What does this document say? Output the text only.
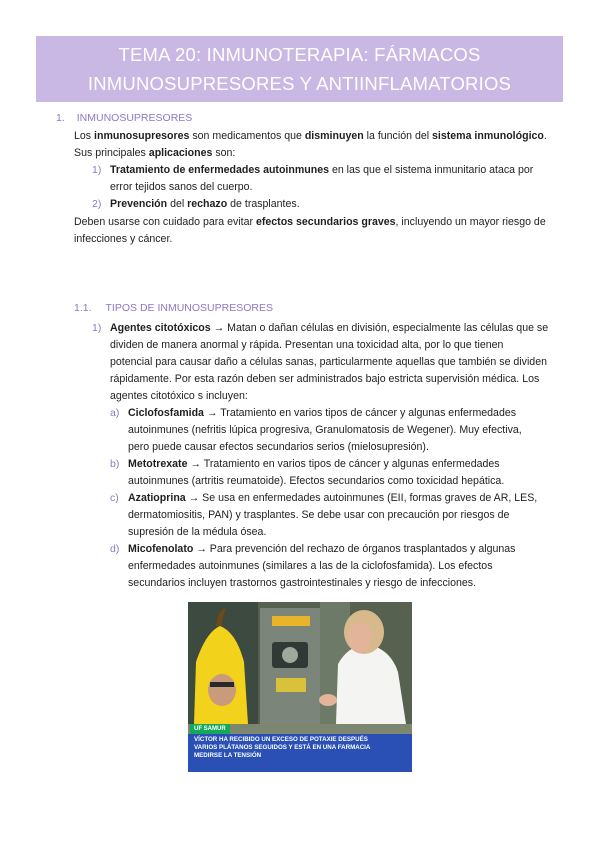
TEMA 20: INMUNOTERAPIA: FÁRMACOS
INMUNOSUPRESORES Y ANTIINFLAMATORIOS
1. INMUNOSUPRESORES
Los inmunosupresores son medicamentos que disminuyen la función del sistema inmunológico.
Sus principales aplicaciones son:
1) Tratamiento de enfermedades autoinmunes en las que el sistema inmunitario ataca por
error tejidos sanos del cuerpo.
2) Prevención del rechazo de trasplantes.
Deben usarse con cuidado para evitar efectos secundarios graves, incluyendo un mayor riesgo de
infecciones y cáncer.
1.1. TIPOS DE INMUNOSUPRESORES
1) Agentes citotóxicos → Matan o dañan células en división, especialmente las células que se
dividen de manera anormal y rápida. Presentan una toxicidad alta, por lo que tienen
potencial para causar daño a células sanas, particularmente aquellas que también se dividen
rápidamente. Por esta razón deben ser administrados bajo estricta supervisión médica. Los
agentes citotóxico s incluyen:
a) Ciclofosfamida → Tratamiento en varios tipos de cáncer y algunas enfermedades
autoinmunes (nefritis lúpica progresiva, Granulomatosis de Wegener). Muy efectiva,
pero puede causar efectos secundarios serios (mielosupresión).
b) Metotrexate → Tratamiento en varios tipos de cáncer y algunas enfermedades
autoinmunes (artritis reumatoide). Efectos secundarios como toxicidad hepática.
c) Azatioprina → Se usa en enfermedades autoinmunes (EII, formas graves de AR, LES,
dermatomiositis, PAN) y trasplantes. Se debe usar con precaución por riesgos de
supresión de la médula ósea.
d) Micofenolato → Para prevención del rechazo de órganos trasplantados y algunas
enfermedades autoinmunes (similares a las de la ciclofosfamida). Los efectos
secundarios incluyen trastornos gastrointestinales y riesgo de infecciones.
UF SAMUR
VÍCTOR HA RECIBIDO UN EXCESO DE POTAXIE DESPUÉS
VARIOS PLÁTANOS SEGUIDOS Y ESTÁ EN UNA FARMACIA
MEDIRSE LA TENSIÓN
